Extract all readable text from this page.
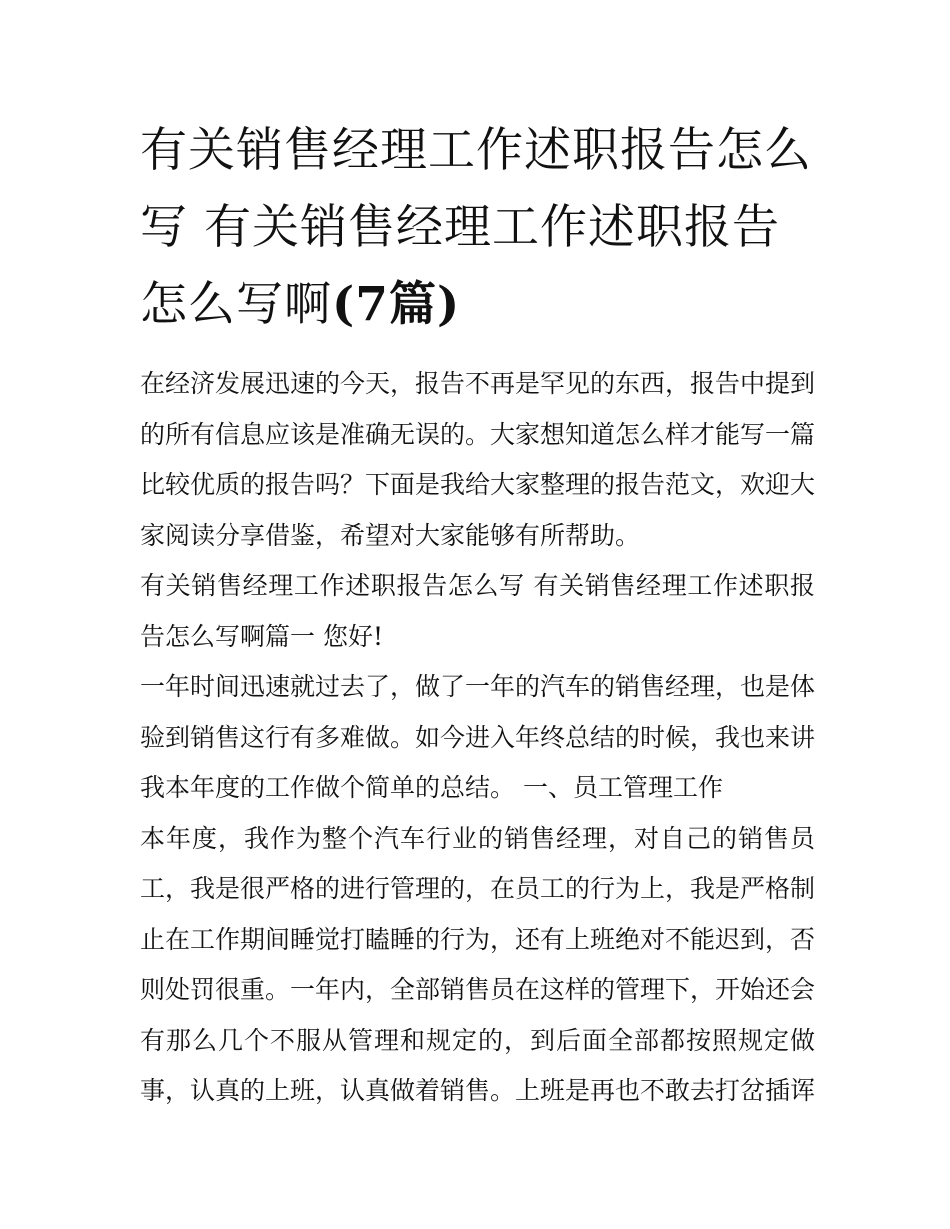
有关销售经理工作述职报告怎么写 有关销售经理工作述职报告怎么写啊(7篇)

在经济发展迅速的今天，报告不再是罕见的东西，报告中提到的所有信息应该是准确无误的。大家想知道怎么样才能写一篇比较优质的报告吗？下面是我给大家整理的报告范文，欢迎大家阅读分享借鉴，希望对大家能够有所帮助。

有关销售经理工作述职报告怎么写 有关销售经理工作述职报告怎么写啊篇一 您好!

一年时间迅速就过去了，做了一年的汽车的销售经理，也是体验到销售这行有多难做。如今进入年终总结的时候，我也来讲我本年度的工作做个简单的总结。 一、员工管理工作

本年度，我作为整个汽车行业的销售经理，对自己的销售员工，我是很严格的进行管理的，在员工的行为上，我是严格制止在工作期间睡觉打瞌睡的行为，还有上班绝对不能迟到，否则处罚很重。一年内，全部销售员在这样的管理下，开始还会有那么几个不服从管理和规定的，到后面全部都按照规定做事，认真的上班，认真做着销售。上班是再也不敢去打岔插诨
